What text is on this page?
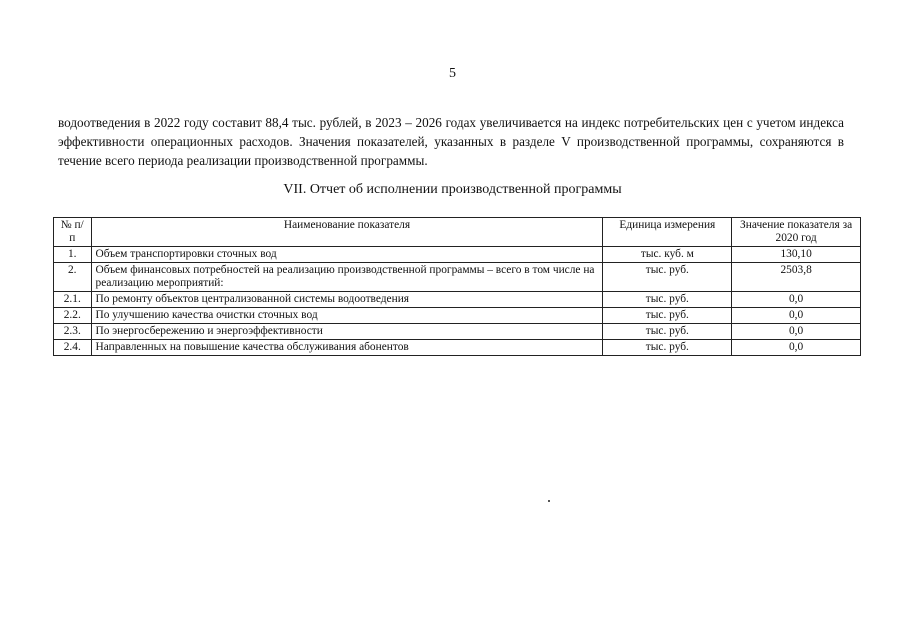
5

водоотведения в 2022 году составит 88,4 тыс. рублей, в 2023 – 2026 годах увеличивается на индекс потребительских цен с учетом индекса эффективности операционных расходов. Значения показателей, указанных в разделе V производственной программы, сохраняются в течение всего периода реализации производственной программы.

VII. Отчет об исполнении производственной программы
№ п/п	Наименование показателя	Единица измерения	Значение показателя за 2020 год
1.	Объем транспортировки сточных вод	тыс. куб. м	130,10
2.	Объем финансовых потребностей на реализацию производственной программы – всего в том числе на реализацию мероприятий:	тыс. руб.	2503,8
2.1.	По ремонту объектов централизованной системы водоотведения	тыс. руб.	0,0
2.2.	По улучшению качества очистки сточных вод	тыс. руб.	0,0
2.3.	По энергосбережению и энергоэффективности	тыс. руб.	0,0
2.4.	Направленных на повышение качества обслуживания абонентов	тыс. руб.	0,0
